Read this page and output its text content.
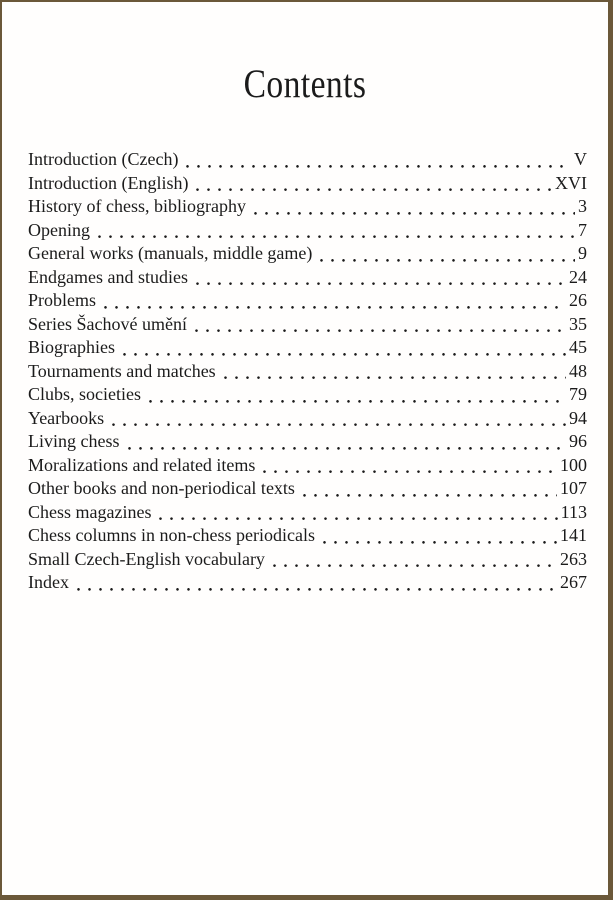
Contents
Introduction (Czech)	V
Introduction (English)	XVI
History of chess, bibliography	3
Opening	7
General works (manuals, middle game)	9
Endgames and studies	24
Problems	26
Series Šachové umění	35
Biographies	45
Tournaments and matches	48
Clubs, societies	79
Yearbooks	94
Living chess	96
Moralizations and related items	100
Other books and non-periodical texts	107
Chess magazines	113
Chess columns in non-chess periodicals	141
Small Czech-English vocabulary	263
Index	267
